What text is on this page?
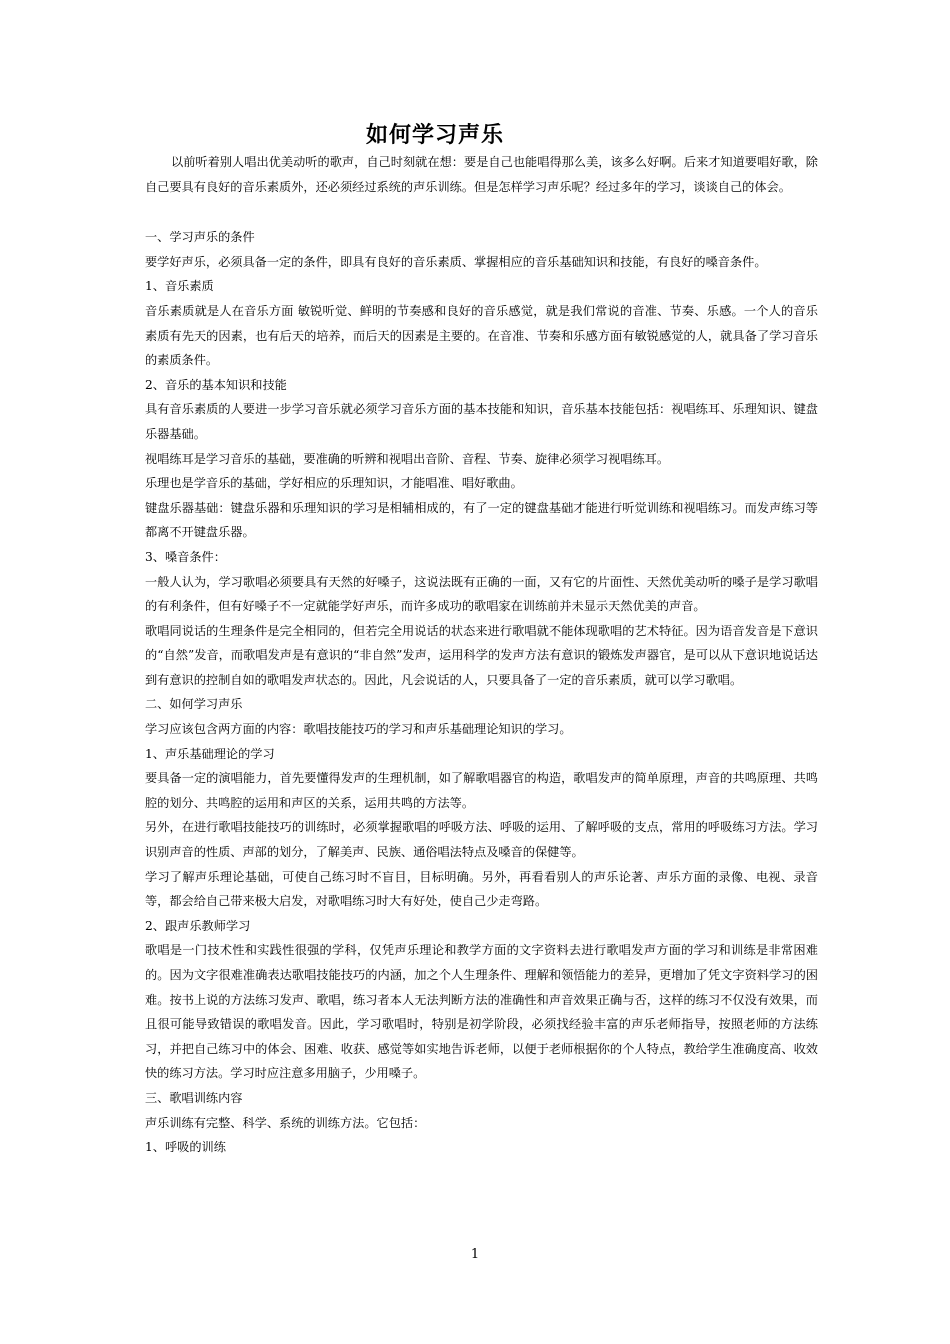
如何学习声乐

以前听着别人唱出优美动听的歌声，自己时刻就在想：要是自己也能唱得那么美，该多么好啊。后来才知道要唱好歌，除自己要具有良好的音乐素质外，还必须经过系统的声乐训练。但是怎样学习声乐呢？经过多年的学习，谈谈自己的体会。

一、学习声乐的条件

要学好声乐，必须具备一定的条件，即具有良好的音乐素质、掌握相应的音乐基础知识和技能，有良好的嗓音条件。

1、音乐素质

音乐素质就是人在音乐方面 敏锐听觉、鲜明的节奏感和良好的音乐感觉，就是我们常说的音准、节奏、乐感。一个人的音乐素质有先天的因素，也有后天的培养，而后天的因素是主要的。在音准、节奏和乐感方面有敏锐感觉的人，就具备了学习音乐的素质条件。

2、音乐的基本知识和技能

具有音乐素质的人要进一步学习音乐就必须学习音乐方面的基本技能和知识，音乐基本技能包括：视唱练耳、乐理知识、键盘乐器基础。

视唱练耳是学习音乐的基础，要准确的听辨和视唱出音阶、音程、节奏、旋律必须学习视唱练耳。

乐理也是学音乐的基础，学好相应的乐理知识，才能唱准、唱好歌曲。

键盘乐器基础：键盘乐器和乐理知识的学习是相辅相成的，有了一定的键盘基础才能进行听觉训练和视唱练习。而发声练习等都离不开键盘乐器。

3、嗓音条件：

一般人认为，学习歌唱必须要具有天然的好嗓子，这说法既有正确的一面，又有它的片面性、天然优美动听的嗓子是学习歌唱的有利条件，但有好嗓子不一定就能学好声乐，而许多成功的歌唱家在训练前并未显示天然优美的声音。

歌唱同说话的生理条件是完全相同的，但若完全用说话的状态来进行歌唱就不能体现歌唱的艺术特征。因为语音发音是下意识的“自然”发音，而歌唱发声是有意识的“非自然”发声，运用科学的发声方法有意识的锻炼发声器官，是可以从下意识地说话达到有意识的控制自如的歌唱发声状态的。因此，凡会说话的人，只要具备了一定的音乐素质，就可以学习歌唱。

二、如何学习声乐

学习应该包含两方面的内容：歌唱技能技巧的学习和声乐基础理论知识的学习。

1、声乐基础理论的学习

要具备一定的演唱能力，首先要懂得发声的生理机制，如了解歌唱器官的构造，歌唱发声的简单原理，声音的共鸣原理、共鸣腔的划分、共鸣腔的运用和声区的关系，运用共鸣的方法等。

另外，在进行歌唱技能技巧的训练时，必须掌握歌唱的呼吸方法、呼吸的运用、了解呼吸的支点，常用的呼吸练习方法。学习识别声音的性质、声部的划分，了解美声、民族、通俗唱法特点及嗓音的保健等。

学习了解声乐理论基础，可使自己练习时不盲目，目标明确。另外，再看看别人的声乐论著、声乐方面的录像、电视、录音等，都会给自己带来极大启发，对歌唱练习时大有好处，使自己少走弯路。

2、跟声乐教师学习

歌唱是一门技术性和实践性很强的学科，仅凭声乐理论和教学方面的文字资料去进行歌唱发声方面的学习和训练是非常困难的。因为文字很难准确表达歌唱技能技巧的内涵，加之个人生理条件、理解和领悟能力的差异，更增加了凭文字资料学习的困难。按书上说的方法练习发声、歌唱，练习者本人无法判断方法的准确性和声音效果正确与否，这样的练习不仅没有效果，而且很可能导致错误的歌唱发音。因此，学习歌唱时，特别是初学阶段，必须找经验丰富的声乐老师指导，按照老师的方法练习，并把自己练习中的体会、困难、收获、感觉等如实地告诉老师，以便于老师根据你的个人特点，教给学生准确度高、收效快的练习方法。学习时应注意多用脑子，少用嗓子。

三、歌唱训练内容

声乐训练有完整、科学、系统的训练方法。它包括：

1、呼吸的训练

1
